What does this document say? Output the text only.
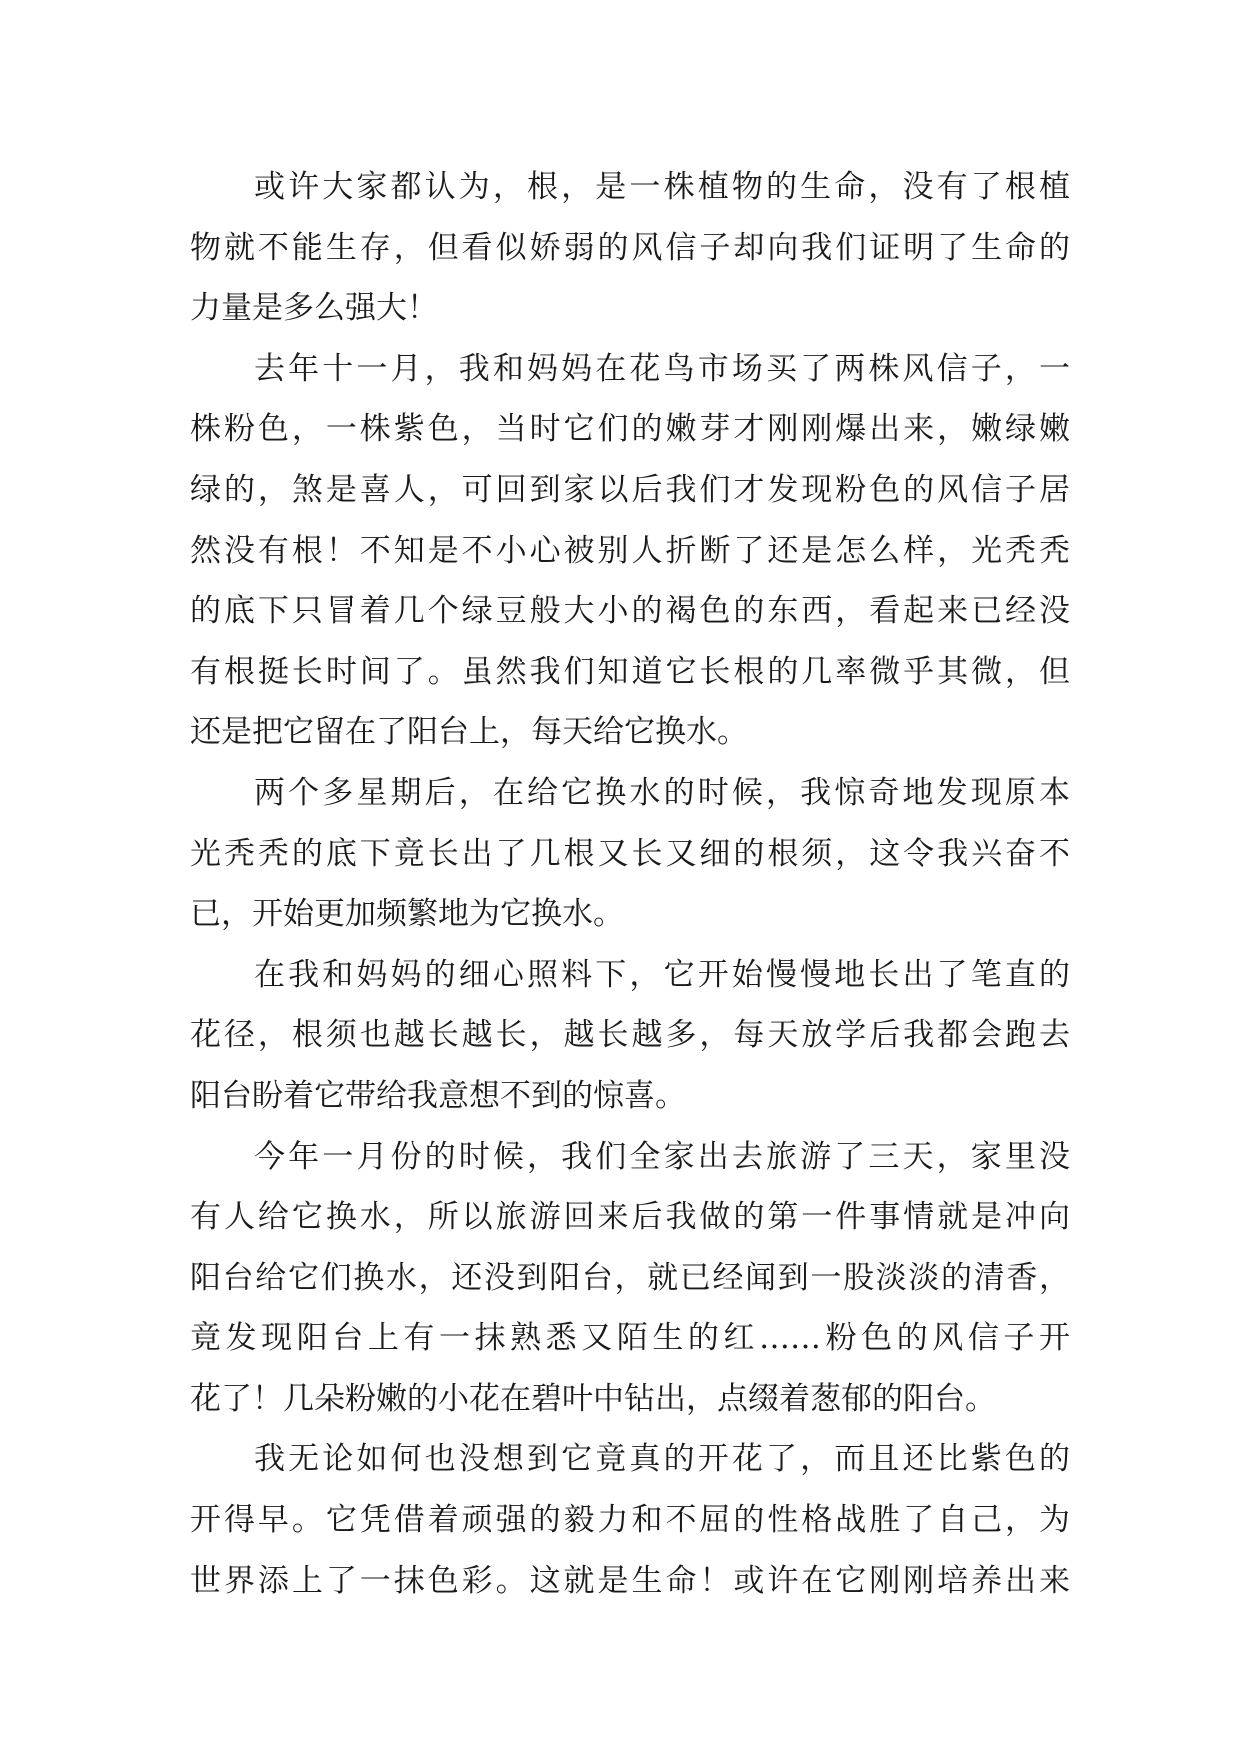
或许大家都认为，根，是一株植物的生命，没有了根植
物就不能生存，但看似娇弱的风信子却向我们证明了生命的
力量是多么强大！
去年十一月，我和妈妈在花鸟市场买了两株风信子，一
株粉色，一株紫色，当时它们的嫩芽才刚刚爆出来，嫩绿嫩
绿的，煞是喜人，可回到家以后我们才发现粉色的风信子居
然没有根！不知是不小心被别人折断了还是怎么样，光秃秃
的底下只冒着几个绿豆般大小的褐色的东西，看起来已经没
有根挺长时间了。虽然我们知道它长根的几率微乎其微，但
还是把它留在了阳台上，每天给它换水。
两个多星期后，在给它换水的时候，我惊奇地发现原本
光秃秃的底下竟长出了几根又长又细的根须，这令我兴奋不
已，开始更加频繁地为它换水。
在我和妈妈的细心照料下，它开始慢慢地长出了笔直的
花径，根须也越长越长，越长越多，每天放学后我都会跑去
阳台盼着它带给我意想不到的惊喜。
今年一月份的时候，我们全家出去旅游了三天，家里没
有人给它换水，所以旅游回来后我做的第一件事情就是冲向
阳台给它们换水，还没到阳台，就已经闻到一股淡淡的清香，
竟发现阳台上有一抹熟悉又陌生的红……粉色的风信子开
花了！几朵粉嫩的小花在碧叶中钻出，点缀着葱郁的阳台。
我无论如何也没想到它竟真的开花了，而且还比紫色的
开得早。它凭借着顽强的毅力和不屈的性格战胜了自己，为
世界添上了一抹色彩。这就是生命！或许在它刚刚培养出来
